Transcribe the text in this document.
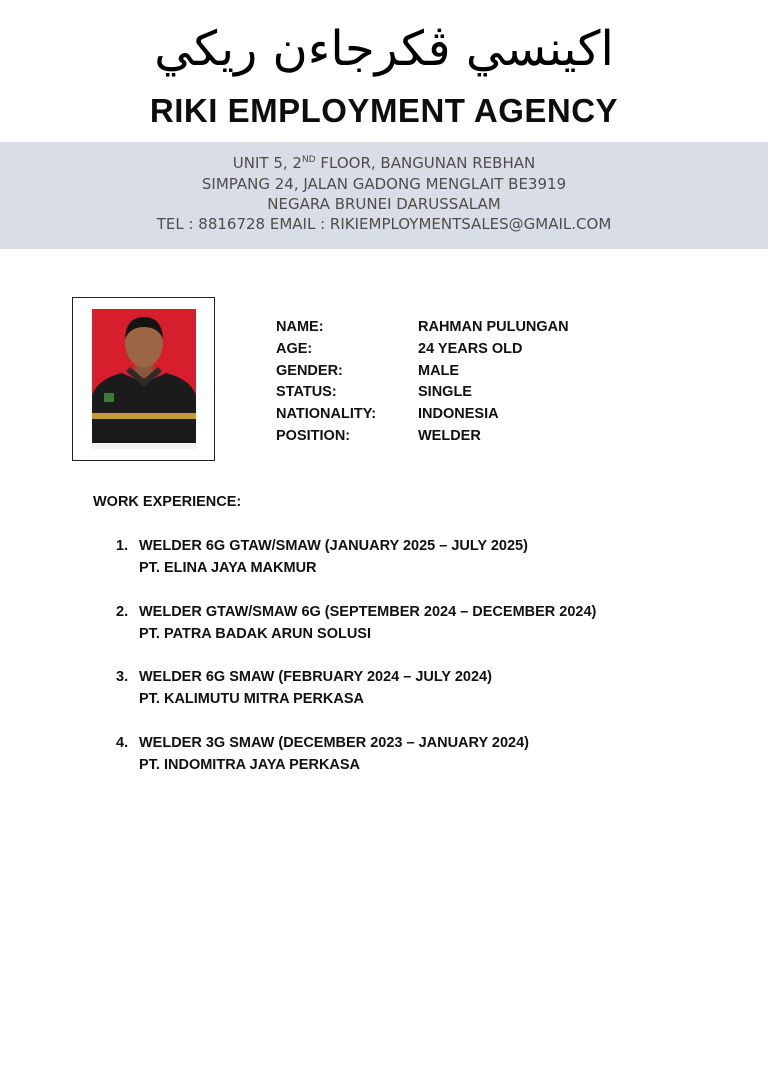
اكينسي ڤكرجاءن ريكي
RIKI EMPLOYMENT AGENCY
UNIT 5, 2ND FLOOR, BANGUNAN REBHAN
SIMPANG 24, JALAN GADONG MENGLAIT BE3919
NEGARA BRUNEI DARUSSALAM
TEL : 8816728 EMAIL : RIKIEMPLOYMENTSALES@GMAIL.COM
NAME:	RAHMAN PULUNGAN
AGE:	24 YEARS OLD
GENDER:	MALE
STATUS:	SINGLE
NATIONALITY:	INDONESIA
POSITION:	WELDER
WORK EXPERIENCE:
1. WELDER 6G GTAW/SMAW (JANUARY 2025 – JULY 2025)
PT. ELINA JAYA MAKMUR
2. WELDER GTAW/SMAW 6G (SEPTEMBER 2024 – DECEMBER 2024)
PT. PATRA BADAK ARUN SOLUSI
3. WELDER 6G SMAW (FEBRUARY 2024 – JULY 2024)
PT. KALIMUTU MITRA PERKASA
4. WELDER 3G SMAW (DECEMBER 2023 – JANUARY 2024)
PT. INDOMITRA JAYA PERKASA
